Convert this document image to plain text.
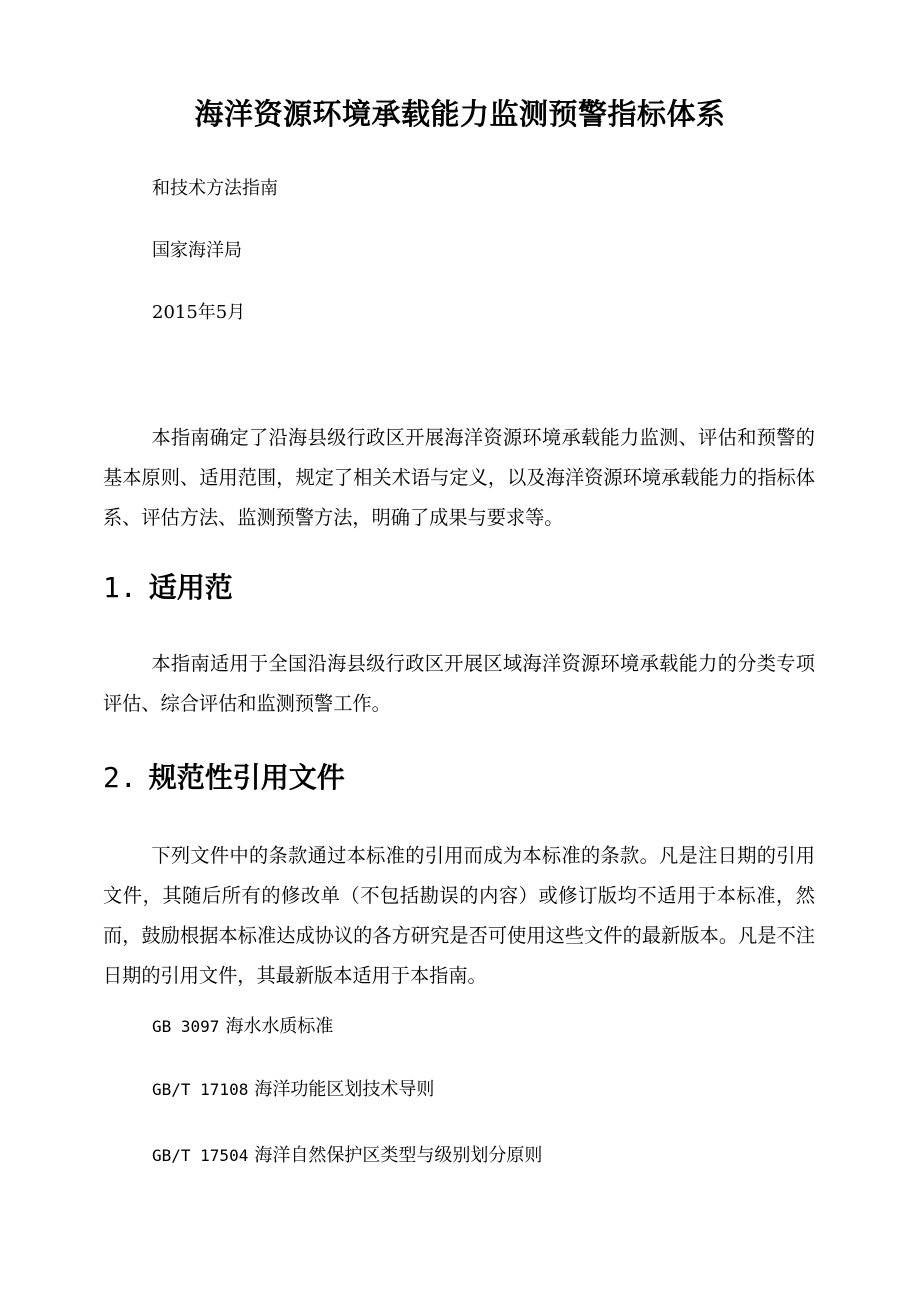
海洋资源环境承载能力监测预警指标体系
和技术方法指南
国家海洋局
2015年5月
本指南确定了沿海县级行政区开展海洋资源环境承载能力监测、评估和预警的基本原则、适用范围，规定了相关术语与定义，以及海洋资源环境承载能力的指标体系、评估方法、监测预警方法，明确了成果与要求等。
1. 适用范
本指南适用于全国沿海县级行政区开展区域海洋资源环境承载能力的分类专项评估、综合评估和监测预警工作。
2. 规范性引用文件
下列文件中的条款通过本标准的引用而成为本标准的条款。凡是注日期的引用文件，其随后所有的修改单（不包括勘误的内容）或修订版均不适用于本标准，然而，鼓励根据本标准达成协议的各方研究是否可使用这些文件的最新版本。凡是不注日期的引用文件，其最新版本适用于本指南。
GB 3097 海水水质标准
GB/T 17108 海洋功能区划技术导则
GB/T 17504 海洋自然保护区类型与级别划分原则
